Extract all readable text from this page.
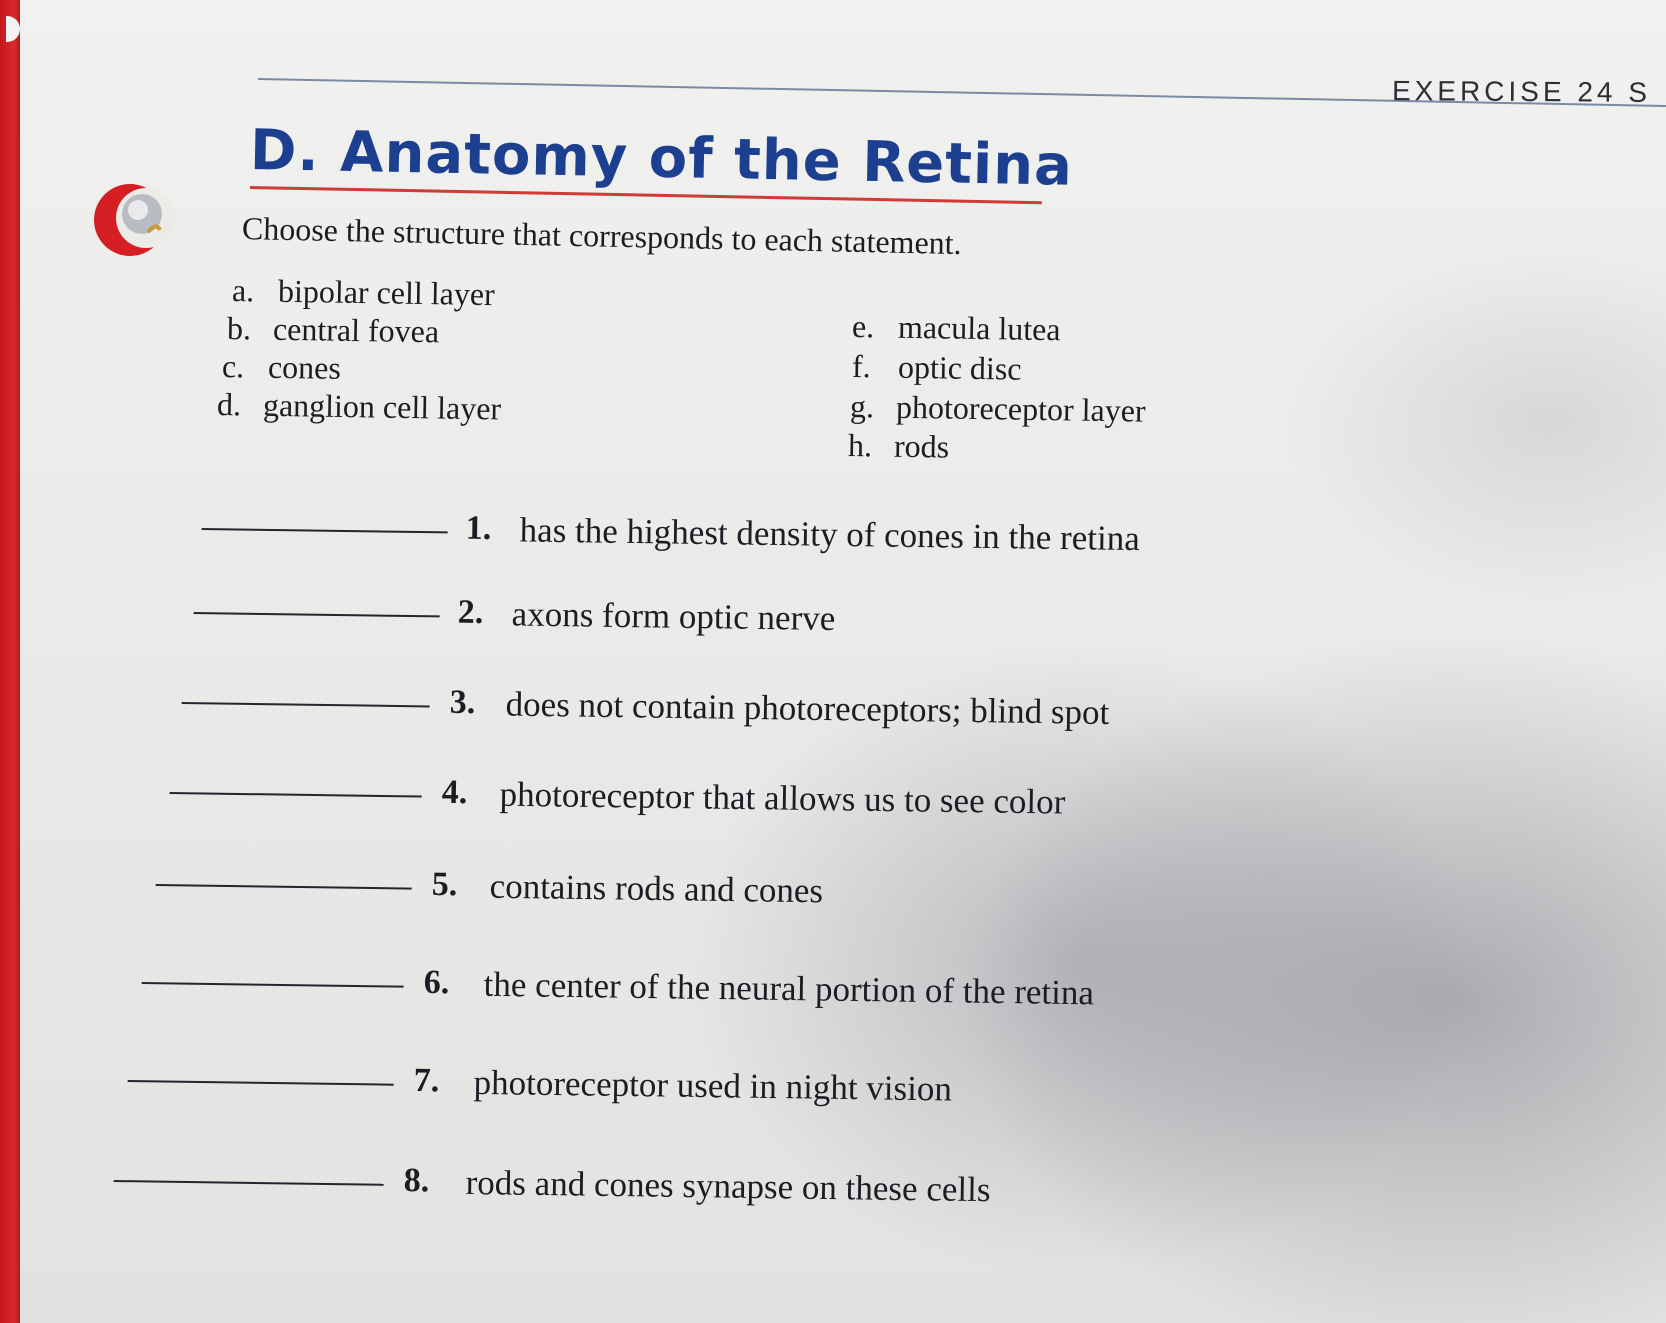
EXERCISE 24 S
D. Anatomy of the Retina
Choose the structure that corresponds to each statement.
a. bipolar cell layer
b. central fovea
c. cones
d. ganglion cell layer
e. macula lutea
f. optic disc
g. photoreceptor layer
h. rods
1. has the highest density of cones in the retina
2. axons form optic nerve
3. does not contain photoreceptors; blind spot
4. photoreceptor that allows us to see color
5. contains rods and cones
6. the center of the neural portion of the retina
7. photoreceptor used in night vision
8. rods and cones synapse on these cells
